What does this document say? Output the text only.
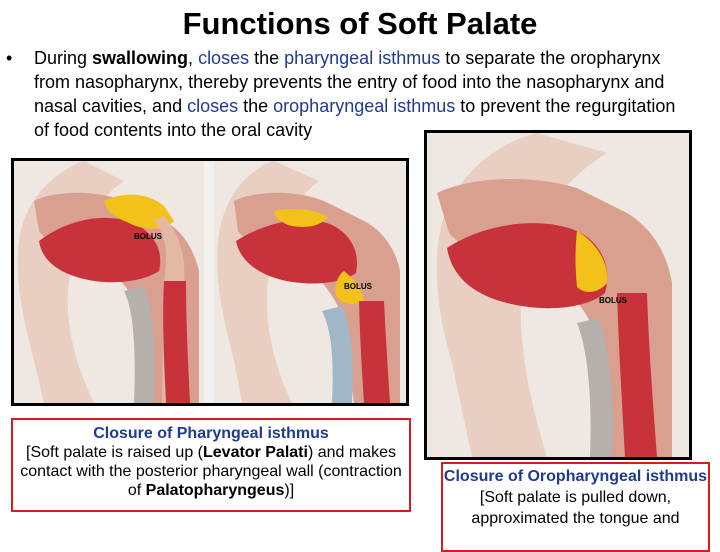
Functions of Soft Palate
•	During swallowing, closes the pharyngeal isthmus to separate the oropharynx from nasopharynx, thereby prevents the entry of food into the nasopharynx and nasal cavities, and closes the oropharyngeal isthmus to prevent the regurgitation of food contents into the oral cavity
BOLUS
BOLUS
BOLUS
Closure of Pharyngeal isthmus
[Soft palate is raised up (Levator Palati) and makes contact with the posterior pharyngeal wall (contraction of Palatopharyngeus)]
Closure of Oropharyngeal isthmus
[Soft palate is pulled down, approximated the tongue and
